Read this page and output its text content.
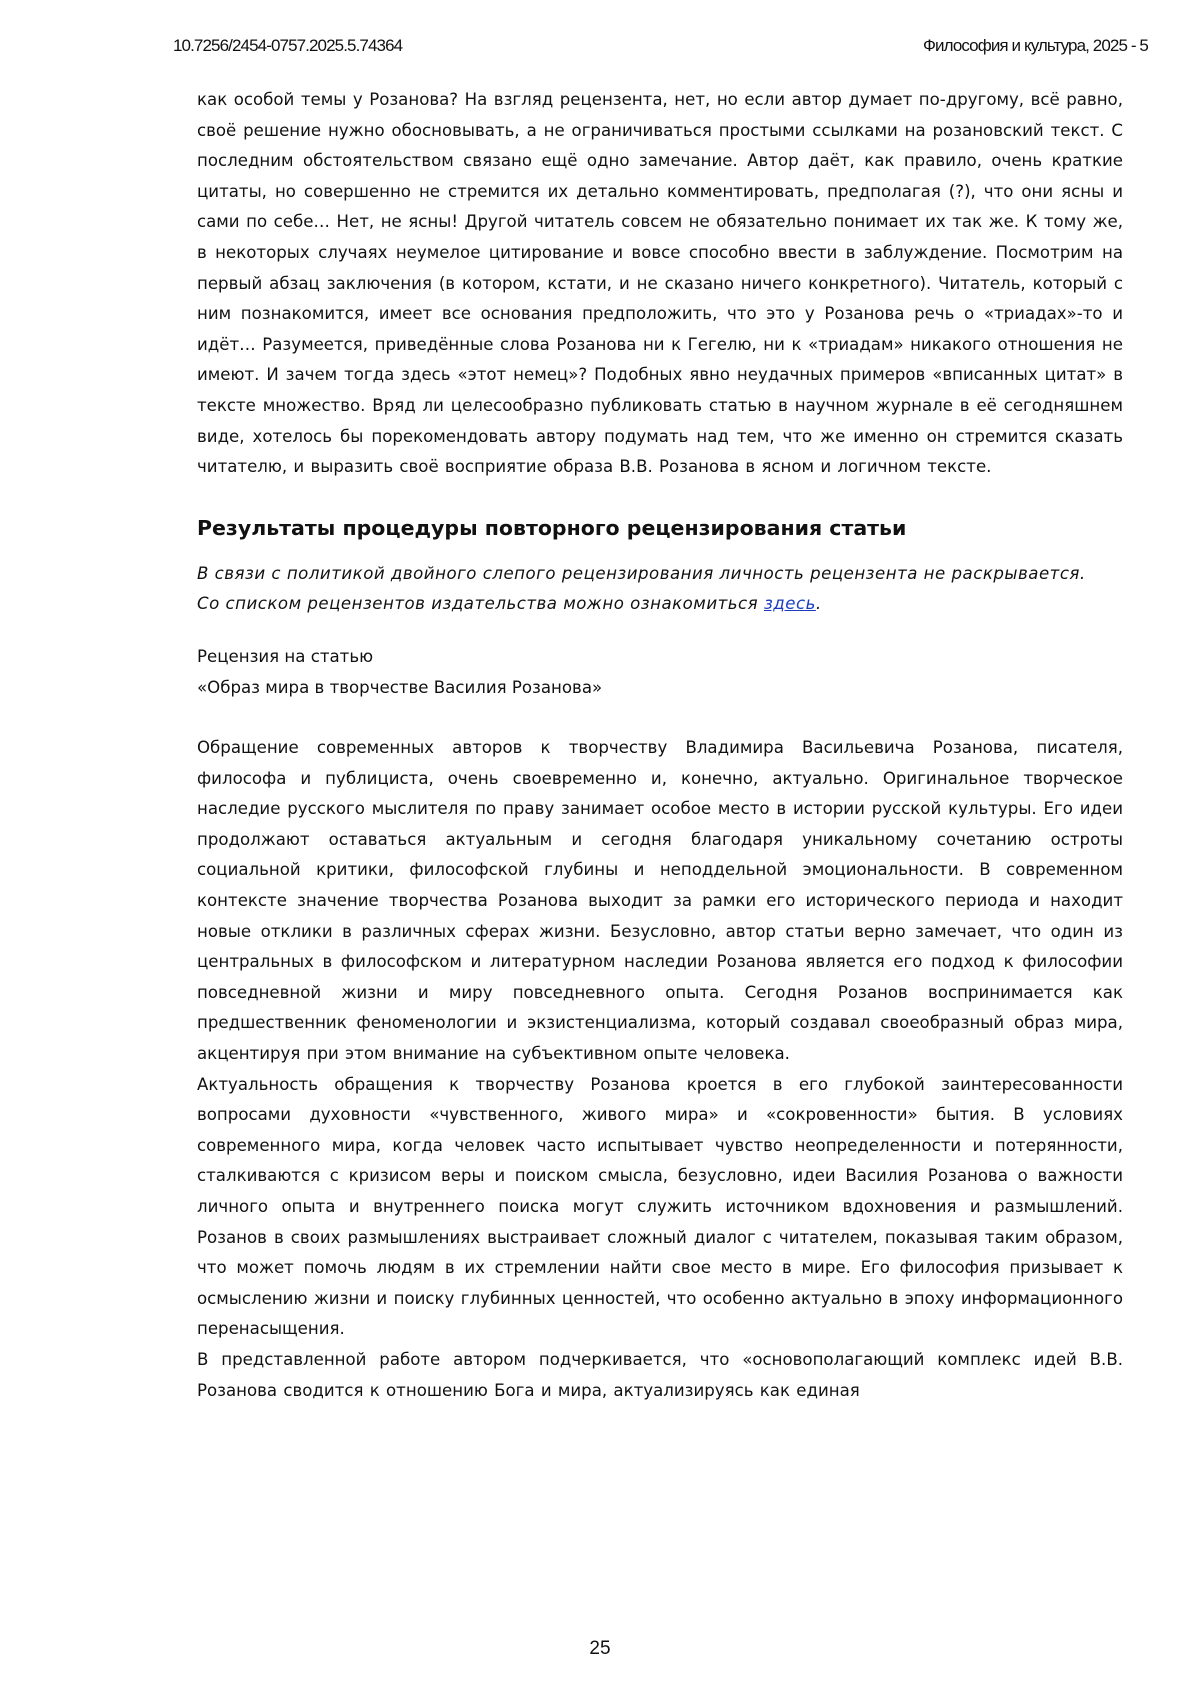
10.7256/2454-0757.2025.5.74364	Философия и культура, 2025 - 5

как особой темы у Розанова? На взгляд рецензента, нет, но если автор думает по-другому, всё равно, своё решение нужно обосновывать, а не ограничиваться простыми ссылками на розановский текст. С последним обстоятельством связано ещё одно замечание. Автор даёт, как правило, очень краткие цитаты, но совершенно не стремится их детально комментировать, предполагая (?), что они ясны и сами по себе… Нет, не ясны! Другой читатель совсем не обязательно понимает их так же. К тому же, в некоторых случаях неумелое цитирование и вовсе способно ввести в заблуждение. Посмотрим на первый абзац заключения (в котором, кстати, и не сказано ничего конкретного). Читатель, который с ним познакомится, имеет все основания предположить, что это у Розанова речь о «триадах»-то и идёт… Разумеется, приведённые слова Розанова ни к Гегелю, ни к «триадам» никакого отношения не имеют. И зачем тогда здесь «этот немец»? Подобных явно неудачных примеров «вписанных цитат» в тексте множество. Вряд ли целесообразно публиковать статью в научном журнале в её сегодняшнем виде, хотелось бы порекомендовать автору подумать над тем, что же именно он стремится сказать читателю, и выразить своё восприятие образа В.В. Розанова в ясном и логичном тексте.

Результаты процедуры повторного рецензирования статьи

В связи с политикой двойного слепого рецензирования личность рецензента не раскрывается.

Со списком рецензентов издательства можно ознакомиться здесь.

Рецензия на статью
«Образ мира в творчестве Василия Розанова»

Обращение современных авторов к творчеству Владимира Васильевича Розанова, писателя, философа и публициста, очень своевременно и, конечно, актуально. Оригинальное творческое наследие русского мыслителя по праву занимает особое место в истории русской культуры. Его идеи продолжают оставаться актуальным и сегодня благодаря уникальному сочетанию остроты социальной критики, философской глубины и неподдельной эмоциональности. В современном контексте значение творчества Розанова выходит за рамки его исторического периода и находит новые отклики в различных сферах жизни. Безусловно, автор статьи верно замечает, что один из центральных в философском и литературном наследии Розанова является его подход к философии повседневной жизни и миру повседневного опыта. Сегодня Розанов воспринимается как предшественник феноменологии и экзистенциализма, который создавал своеобразный образ мира, акцентируя при этом внимание на субъективном опыте человека.

Актуальность обращения к творчеству Розанова кроется в его глубокой заинтересованности вопросами духовности «чувственного, живого мира» и «сокровенности» бытия. В условиях современного мира, когда человек часто испытывает чувство неопределенности и потерянности, сталкиваются с кризисом веры и поиском смысла, безусловно, идеи Василия Розанова о важности личного опыта и внутреннего поиска могут служить источником вдохновения и размышлений. Розанов в своих размышлениях выстраивает сложный диалог с читателем, показывая таким образом, что может помочь людям в их стремлении найти свое место в мире. Его философия призывает к осмыслению жизни и поиску глубинных ценностей, что особенно актуально в эпоху информационного перенасыщения.

В представленной работе автором подчеркивается, что «основополагающий комплекс идей В.В. Розанова сводится к отношению Бога и мира, актуализируясь как единая

25
